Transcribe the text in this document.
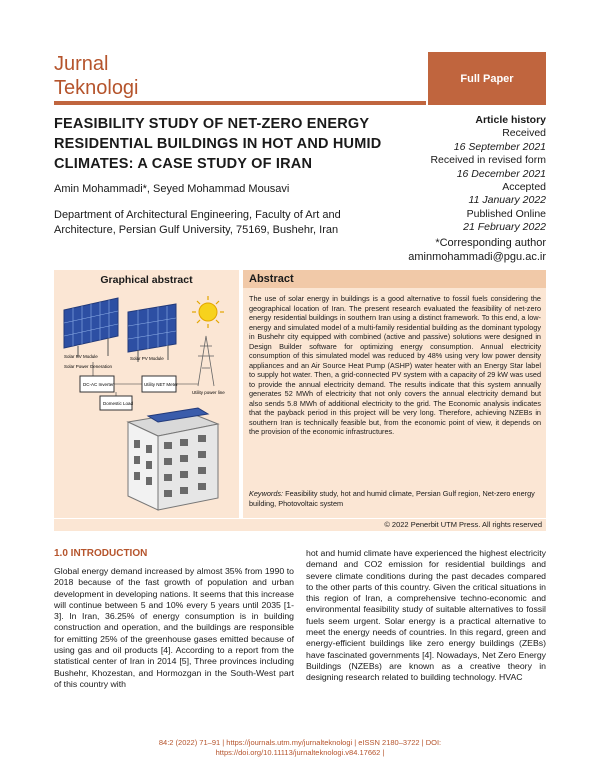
Jurnal
Teknologi	Full Paper
FEASIBILITY STUDY OF NET-ZERO ENERGY RESIDENTIAL BUILDINGS IN HOT AND HUMID CLIMATES: A CASE STUDY OF IRAN
Amin Mohammadi*, Seyed Mohammad Mousavi
Department of Architectural Engineering, Faculty of Art and Architecture, Persian Gulf University, 75169, Bushehr, Iran
Article history
Received
16 September 2021
Received in revised form
16 December 2021
Accepted
11 January 2022
Published Online
21 February 2022
*Corresponding author
aminmohammadi@pgu.ac.ir
Graphical abstract
Solar PV Module	Solar PV Module
Solar Power Generation
DC-AC Inverter	Utility NET Meter
Utility power line
Domestic Load
Abstract
The use of solar energy in buildings is a good alternative to fossil fuels considering the geographical location of Iran. The present research evaluated the feasibility of net-zero energy residential buildings in southern Iran using a distinct framework. To this end, a low-energy and simulated model of a multi-family residential building as the dominant typology in Bushehr city equipped with combined (active and passive) solutions were designed in Design Builder software for optimizing energy consumption. Annual electricity consumption of this simulated model was reduced by 48% using very low power density appliances and an Air Source Heat Pump (ASHP) water heater with an Energy Star label to supply hot water. Then, a grid-connected PV system with a capacity of 29 kW was used to provide the annual electricity demand. The results indicate that this system annually generates 52 MWh of electricity that not only covers the annual electricity demand but also sends 5.8 MWh of additional electricity to the grid. The Economic analysis indicates that the payback period in this project will be very long. Therefore, achieving NZEBs in southern Iran is technically feasible but, from the economic point of view, it depends on the provision of the economic infrastructures.
Keywords: Feasibility study, hot and humid climate, Persian Gulf region, Net-zero energy building, Photovoltaic system
© 2022 Penerbit UTM Press. All rights reserved
1.0 INTRODUCTION
Global energy demand increased by almost 35% from 1990 to 2018 because of the fast growth of population and urban development in developing nations. It seems that this increase will continue between 5 and 10% every 5 years until 2035 [1-3]. In Iran, 36.25% of energy consumption is in building construction and operation, and the buildings are responsible for emitting 25% of the greenhouse gases emitted because of using gas and oil products [4]. According to a report from the statistical center of Iran in 2014 [5], Three provinces including Bushehr, Khozestan, and Hormozgan in the South-West part of this country with
hot and humid climate have experienced the highest electricity demand and CO2 emission for residential buildings and severe climate conditions during the past decades compared to the other parts of this country. Given the critical situations in this region of Iran, a comprehensive techno-economic and environmental feasibility study of suitable alternatives to fossil fuels seem urgent. Solar energy is a practical alternative to meet the energy needs of countries. In this regard, green and energy-efficient buildings like zero energy buildings (ZEBs) have fascinated governments [4]. Nowadays, Net Zero Energy Buildings (NZEBs) are known as a creative theory in designing research related to building technology. HVAC
84:2 (2022) 71–91 | https://journals.utm.my/jurnalteknologi | eISSN 2180–3722 | DOI:
https://doi.org/10.11113/jurnalteknologi.v84.17662 |
